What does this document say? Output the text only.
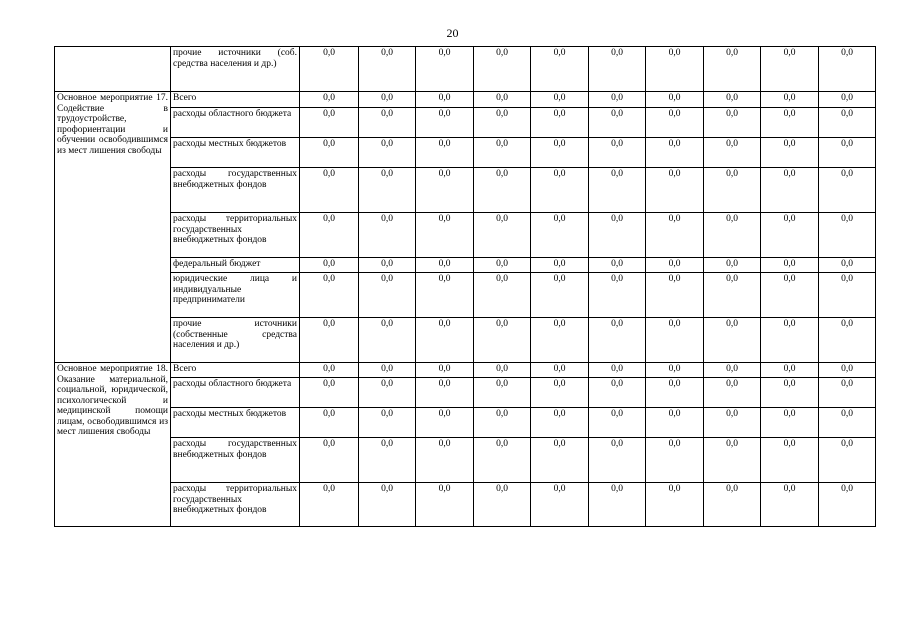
20
	прочие источники (соб. средства населения и др.)	0,0	0,0	0,0	0,0	0,0	0,0	0,0	0,0	0,0	0,0
Основное мероприятие 17. Содействие в трудоустройстве, профориентации и обучении освободившимся из мест лишения свободы	Всего	0,0	0,0	0,0	0,0	0,0	0,0	0,0	0,0	0,0	0,0
	расходы областного бюджета	0,0	0,0	0,0	0,0	0,0	0,0	0,0	0,0	0,0	0,0
	расходы местных бюджетов	0,0	0,0	0,0	0,0	0,0	0,0	0,0	0,0	0,0	0,0
	расходы государственных внебюджетных фондов	0,0	0,0	0,0	0,0	0,0	0,0	0,0	0,0	0,0	0,0
	расходы территориальных государственных внебюджетных фондов	0,0	0,0	0,0	0,0	0,0	0,0	0,0	0,0	0,0	0,0
	федеральный бюджет	0,0	0,0	0,0	0,0	0,0	0,0	0,0	0,0	0,0	0,0
	юридические лица и индивидуальные предприниматели	0,0	0,0	0,0	0,0	0,0	0,0	0,0	0,0	0,0	0,0
	прочие источники (собственные средства населения и др.)	0,0	0,0	0,0	0,0	0,0	0,0	0,0	0,0	0,0	0,0
Основное мероприятие 18. Оказание материальной, социальной, юридической, психологической и медицинской помощи лицам, освободившимся из мест лишения свободы	Всего	0,0	0,0	0,0	0,0	0,0	0,0	0,0	0,0	0,0	0,0
	расходы областного бюджета	0,0	0,0	0,0	0,0	0,0	0,0	0,0	0,0	0,0	0,0
	расходы местных бюджетов	0,0	0,0	0,0	0,0	0,0	0,0	0,0	0,0	0,0	0,0
	расходы государственных внебюджетных фондов	0,0	0,0	0,0	0,0	0,0	0,0	0,0	0,0	0,0	0,0
	расходы территориальных государственных внебюджетных фондов	0,0	0,0	0,0	0,0	0,0	0,0	0,0	0,0	0,0	0,0
